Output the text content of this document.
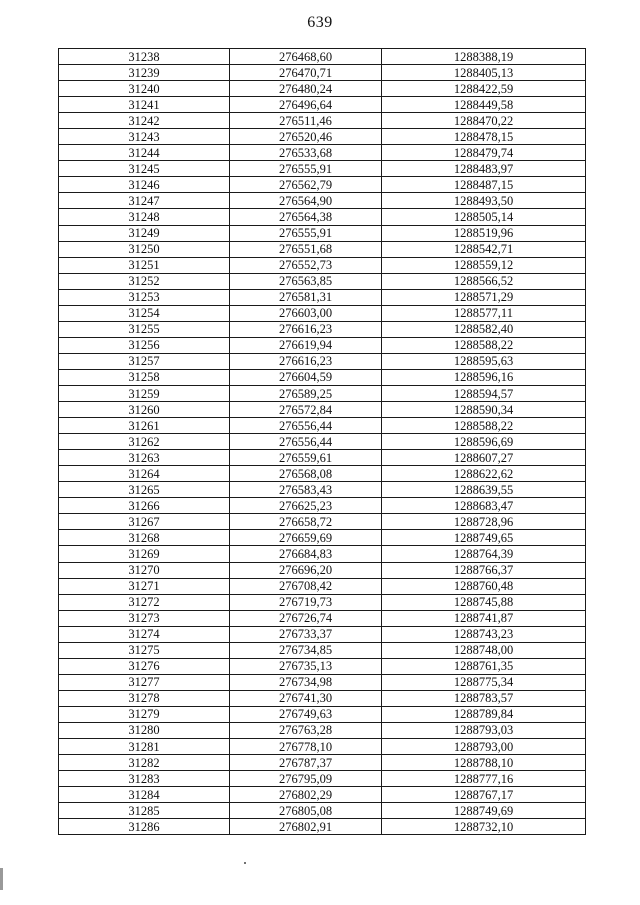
639
31238	276468,60	1288388,19
31239	276470,71	1288405,13
31240	276480,24	1288422,59
31241	276496,64	1288449,58
31242	276511,46	1288470,22
31243	276520,46	1288478,15
31244	276533,68	1288479,74
31245	276555,91	1288483,97
31246	276562,79	1288487,15
31247	276564,90	1288493,50
31248	276564,38	1288505,14
31249	276555,91	1288519,96
31250	276551,68	1288542,71
31251	276552,73	1288559,12
31252	276563,85	1288566,52
31253	276581,31	1288571,29
31254	276603,00	1288577,11
31255	276616,23	1288582,40
31256	276619,94	1288588,22
31257	276616,23	1288595,63
31258	276604,59	1288596,16
31259	276589,25	1288594,57
31260	276572,84	1288590,34
31261	276556,44	1288588,22
31262	276556,44	1288596,69
31263	276559,61	1288607,27
31264	276568,08	1288622,62
31265	276583,43	1288639,55
31266	276625,23	1288683,47
31267	276658,72	1288728,96
31268	276659,69	1288749,65
31269	276684,83	1288764,39
31270	276696,20	1288766,37
31271	276708,42	1288760,48
31272	276719,73	1288745,88
31273	276726,74	1288741,87
31274	276733,37	1288743,23
31275	276734,85	1288748,00
31276	276735,13	1288761,35
31277	276734,98	1288775,34
31278	276741,30	1288783,57
31279	276749,63	1288789,84
31280	276763,28	1288793,03
31281	276778,10	1288793,00
31282	276787,37	1288788,10
31283	276795,09	1288777,16
31284	276802,29	1288767,17
31285	276805,08	1288749,69
31286	276802,91	1288732,10
